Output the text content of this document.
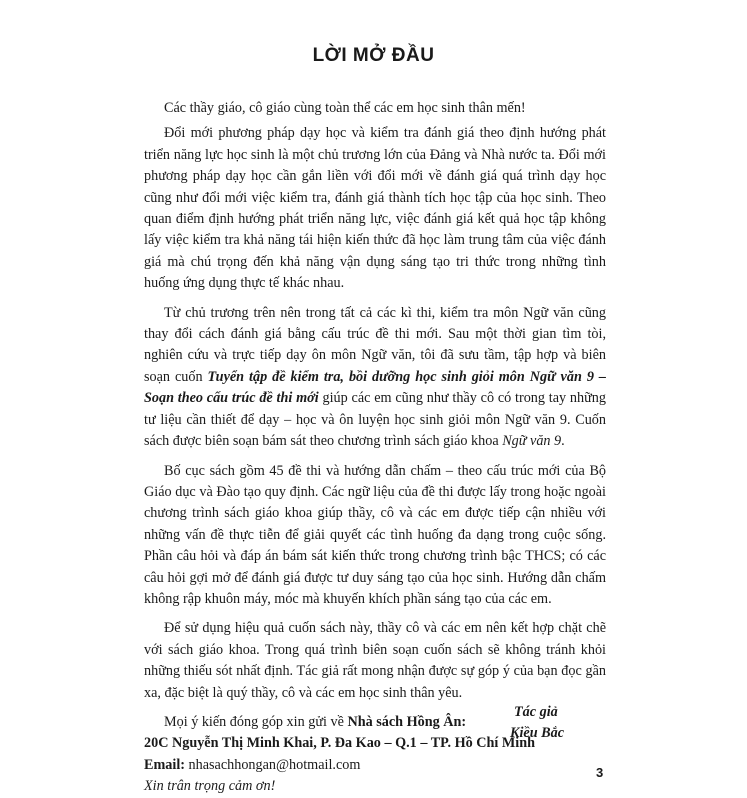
LỜI MỞ ĐẦU

Các thầy giáo, cô giáo cùng toàn thể các em học sinh thân mến!

Đổi mới phương pháp dạy học và kiểm tra đánh giá theo định hướng phát triển năng lực học sinh là một chủ trương lớn của Đảng và Nhà nước ta. Đổi mới phương pháp dạy học cần gắn liền với đổi mới về đánh giá quá trình dạy học cũng như đổi mới việc kiểm tra, đánh giá thành tích học tập của học sinh. Theo quan điểm định hướng phát triển năng lực, việc đánh giá kết quả học tập không lấy việc kiểm tra khả năng tái hiện kiến thức đã học làm trung tâm của việc đánh giá mà chú trọng đến khả năng vận dụng sáng tạo tri thức trong những tình huống ứng dụng thực tế khác nhau.

Từ chủ trương trên nên trong tất cả các kì thi, kiểm tra môn Ngữ văn cũng thay đổi cách đánh giá bằng cấu trúc đề thi mới. Sau một thời gian tìm tòi, nghiên cứu và trực tiếp dạy ôn môn Ngữ văn, tôi đã sưu tầm, tập hợp và biên soạn cuốn Tuyển tập đề kiểm tra, bồi dưỡng học sinh giỏi môn Ngữ văn 9 – Soạn theo cấu trúc đề thi mới giúp các em cũng như thầy cô có trong tay những tư liệu cần thiết để dạy – học và ôn luyện học sinh giỏi môn Ngữ văn 9. Cuốn sách được biên soạn bám sát theo chương trình sách giáo khoa Ngữ văn 9.

Bố cục sách gồm 45 đề thi và hướng dẫn chấm – theo cấu trúc mới của Bộ Giáo dục và Đào tạo quy định. Các ngữ liệu của đề thi được lấy trong hoặc ngoài chương trình sách giáo khoa giúp thầy, cô và các em được tiếp cận nhiều với những vấn đề thực tiễn để giải quyết các tình huống đa dạng trong cuộc sống. Phần câu hỏi và đáp án bám sát kiến thức trong chương trình bậc THCS; có các câu hỏi gợi mở để đánh giá được tư duy sáng tạo của học sinh. Hướng dẫn chấm không rập khuôn máy, móc mà khuyến khích phần sáng tạo của các em.

Để sử dụng hiệu quả cuốn sách này, thầy cô và các em nên kết hợp chặt chẽ với sách giáo khoa. Trong quá trình biên soạn cuốn sách sẽ không tránh khỏi những thiếu sót nhất định. Tác giả rất mong nhận được sự góp ý của bạn đọc gần xa, đặc biệt là quý thầy, cô và các em học sinh thân yêu.

Mọi ý kiến đóng góp xin gửi về Nhà sách Hồng Ân:
20C Nguyễn Thị Minh Khai, P. Đa Kao – Q.1 – TP. Hồ Chí Minh
Email: nhasachhongan@hotmail.com
Xin trân trọng cảm ơn!
Tác giả
Kiều Bắc
3
